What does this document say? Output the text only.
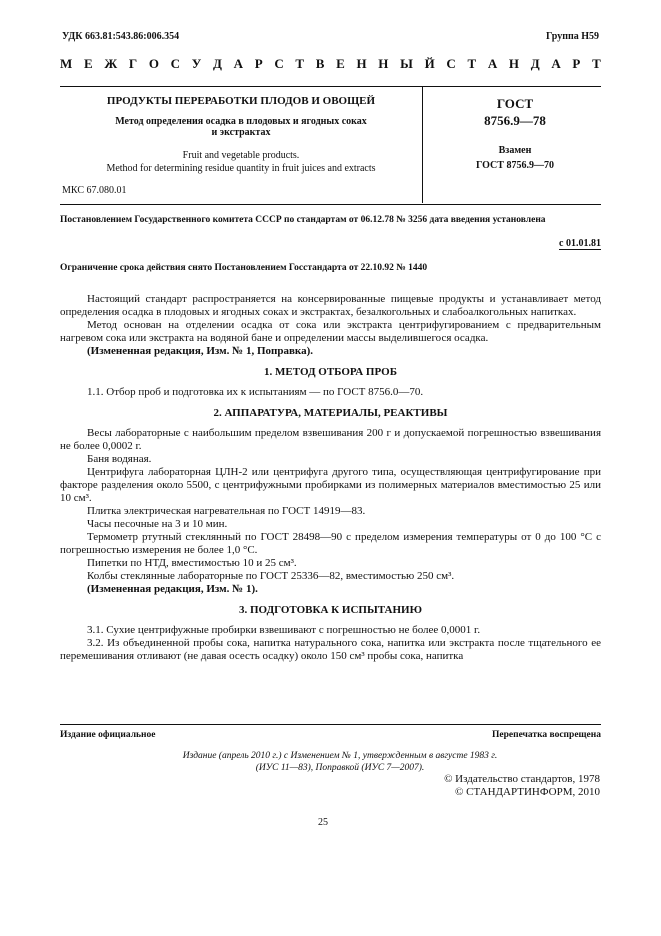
УДК 663.81:543.86:006.354	Группа Н59
М Е Ж Г О С У Д А Р С Т В Е Н Н Ы Й С Т А Н Д А Р Т
ПРОДУКТЫ ПЕРЕРАБОТКИ ПЛОДОВ И ОВОЩЕЙ
Метод определения осадка в плодовых и ягодных соках
и экстрактах
Fruit and vegetable products.
Method for determining residue quantity in fruit juices and extracts
МКС 67.080.01
ГОСТ
8756.9—78
Взамен
ГОСТ 8756.9—70
Постановлением Государственного комитета СССР по стандартам от 06.12.78 № 3256 дата введения установлена
с 01.01.81
Ограничение срока действия снято Постановлением Госстандарта от 22.10.92 № 1440

Настоящий стандарт распространяется на консервированные пищевые продукты и устанавливает метод определения осадка в плодовых и ягодных соках и экстрактах, безалкогольных и слабоалкогольных напитках.

Метод основан на отделении осадка от сока или экстракта центрифугированием с предварительным нагревом сока или экстракта на водяной бане и определении массы выделившегося осадка.

(Измененная редакция, Изм. № 1, Поправка).

1. МЕТОД ОТБОРА ПРОБ

1.1. Отбор проб и подготовка их к испытаниям — по ГОСТ 8756.0—70.

2. АППАРАТУРА, МАТЕРИАЛЫ, РЕАКТИВЫ

Весы лабораторные с наибольшим пределом взвешивания 200 г и допускаемой погрешностью взвешивания не более 0,0002 г.

Баня водяная.

Центрифуга лабораторная ЦЛН-2 или центрифуга другого типа, осуществляющая центрифугирование при факторе разделения около 5500, с центрифужными пробирками из полимерных материалов вместимостью 25 или 10 см³.

Плитка электрическая нагревательная по ГОСТ 14919—83.

Часы песочные на 3 и 10 мин.

Термометр ртутный стеклянный по ГОСТ 28498—90 с пределом измерения температуры от 0 до 100 °С с погрешностью измерения не более 1,0 °С.

Пипетки по НТД, вместимостью 10 и 25 см³.

Колбы стеклянные лабораторные по ГОСТ 25336—82, вместимостью 250 см³.

(Измененная редакция, Изм. № 1).

3. ПОДГОТОВКА К ИСПЫТАНИЮ

3.1. Сухие центрифужные пробирки взвешивают с погрешностью не более 0,0001 г.

3.2. Из объединенной пробы сока, напитка натурального сока, напитка или экстракта после тщательного ее перемешивания отливают (не давая осесть осадку) около 150 см³ пробы сока, напитка

Издание официальное	Перепечатка воспрещена
Издание (апрель 2010 г.) с Изменением № 1, утвержденным в августе 1983 г.
(ИУС 11—83), Поправкой (ИУС 7—2007).
© Издательство стандартов, 1978
© СТАНДАРТИНФОРМ, 2010
25
